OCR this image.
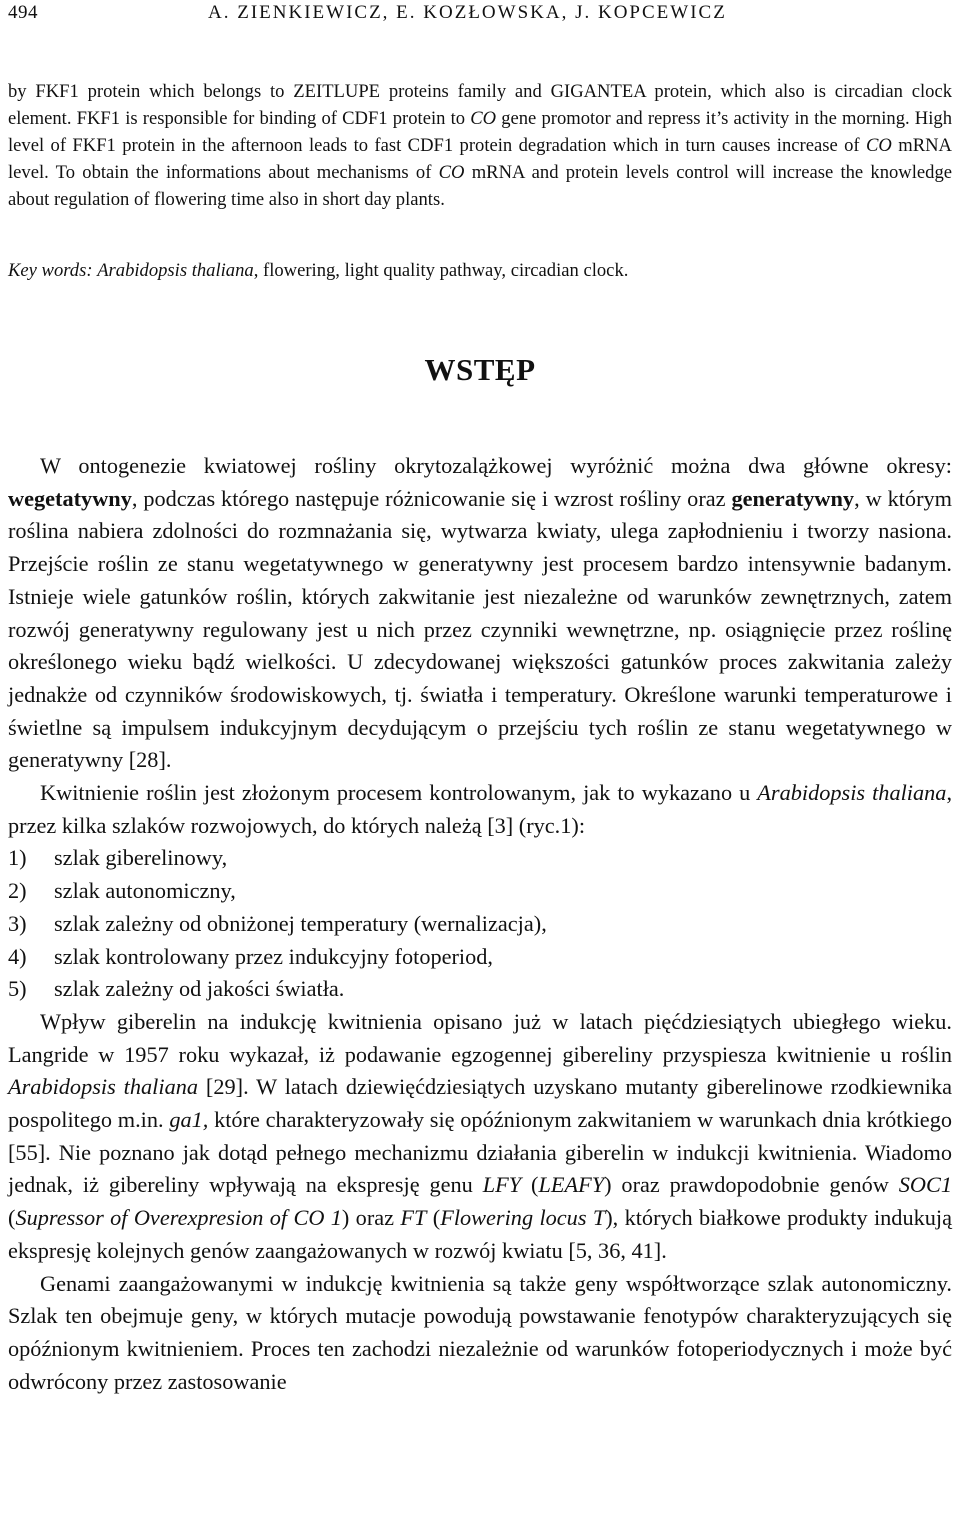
494	A. ZIENKIEWICZ, E. KOZŁOWSKA, J. KOPCEWICZ

by FKF1 protein which belongs to ZEITLUPE proteins family and GIGANTEA protein, which also is circadian clock element. FKF1 is responsible for binding of CDF1 protein to CO gene promotor and repress it’s activity in the morning. High level of FKF1 protein in the afternoon leads to fast CDF1 protein degradation which in turn causes increase of CO mRNA level. To obtain the informations about mechanisms of CO mRNA and protein levels control will increase the knowledge about regulation of flowering time also in short day plants.

Key words: Arabidopsis thaliana, flowering, light quality pathway, circadian clock.

WSTĘP

W ontogenezie kwiatowej rośliny okrytozalążkowej wyróżnić można dwa główne okresy: wegetatywny, podczas którego następuje różnicowanie się i wzrost rośliny oraz generatywny, w którym roślina nabiera zdolności do rozmnażania się, wytwarza kwiaty, ulega zapłodnieniu i tworzy nasiona. Przejście roślin ze stanu wegetatywnego w generatywny jest procesem bardzo intensywnie badanym. Istnieje wiele gatunków roślin, których zakwitanie jest niezależne od warunków zewnętrznych, zatem rozwój generatywny regulowany jest u nich przez czynniki wewnętrzne, np. osiągnięcie przez roślinę określonego wieku bądź wielkości. U zdecydowanej większości gatunków proces zakwitania zależy jednakże od czynników środowiskowych, tj. światła i temperatury. Określone warunki temperaturowe i świetlne są impulsem indukcyjnym decydującym o przejściu tych roślin ze stanu wegetatywnego w generatywny [28].

Kwitnienie roślin jest złożonym procesem kontrolowanym, jak to wykazano u Arabidopsis thaliana, przez kilka szlaków rozwojowych, do których należą [3] (ryc.1):

1)	szlak giberelinowy,
2)	szlak autonomiczny,
3)	szlak zależny od obniżonej temperatury (wernalizacja),
4)	szlak kontrolowany przez indukcyjny fotoperiod,
5)	szlak zależny od jakości światła.

Wpływ giberelin na indukcję kwitnienia opisano już w latach pięćdziesiątych ubiegłego wieku. Langride w 1957 roku wykazał, iż podawanie egzogennej gibereliny przyspiesza kwitnienie u roślin Arabidopsis thaliana [29]. W latach dziewięćdziesiątych uzyskano mutanty giberelinowe rzodkiewnika pospolitego m.in. ga1, które charakteryzowały się opóźnionym zakwitaniem w warunkach dnia krótkiego [55]. Nie poznano jak dotąd pełnego mechanizmu działania giberelin w indukcji kwitnienia. Wiadomo jednak, iż gibereliny wpływają na ekspresję genu LFY (LEAFY) oraz prawdopodobnie genów SOC1 (Supressor of Overexpresion of CO 1) oraz FT (Flowering locus T), których białkowe produkty indukują ekspresję kolejnych genów zaangażowanych w rozwój kwiatu [5, 36, 41].

Genami zaangażowanymi w indukcję kwitnienia są także geny współtworzące szlak autonomiczny. Szlak ten obejmuje geny, w których mutacje powodują powstawanie fenotypów charakteryzujących się opóźnionym kwitnieniem. Proces ten zachodzi niezależnie od warunków fotoperiodycznych i może być odwrócony przez zastosowanie
